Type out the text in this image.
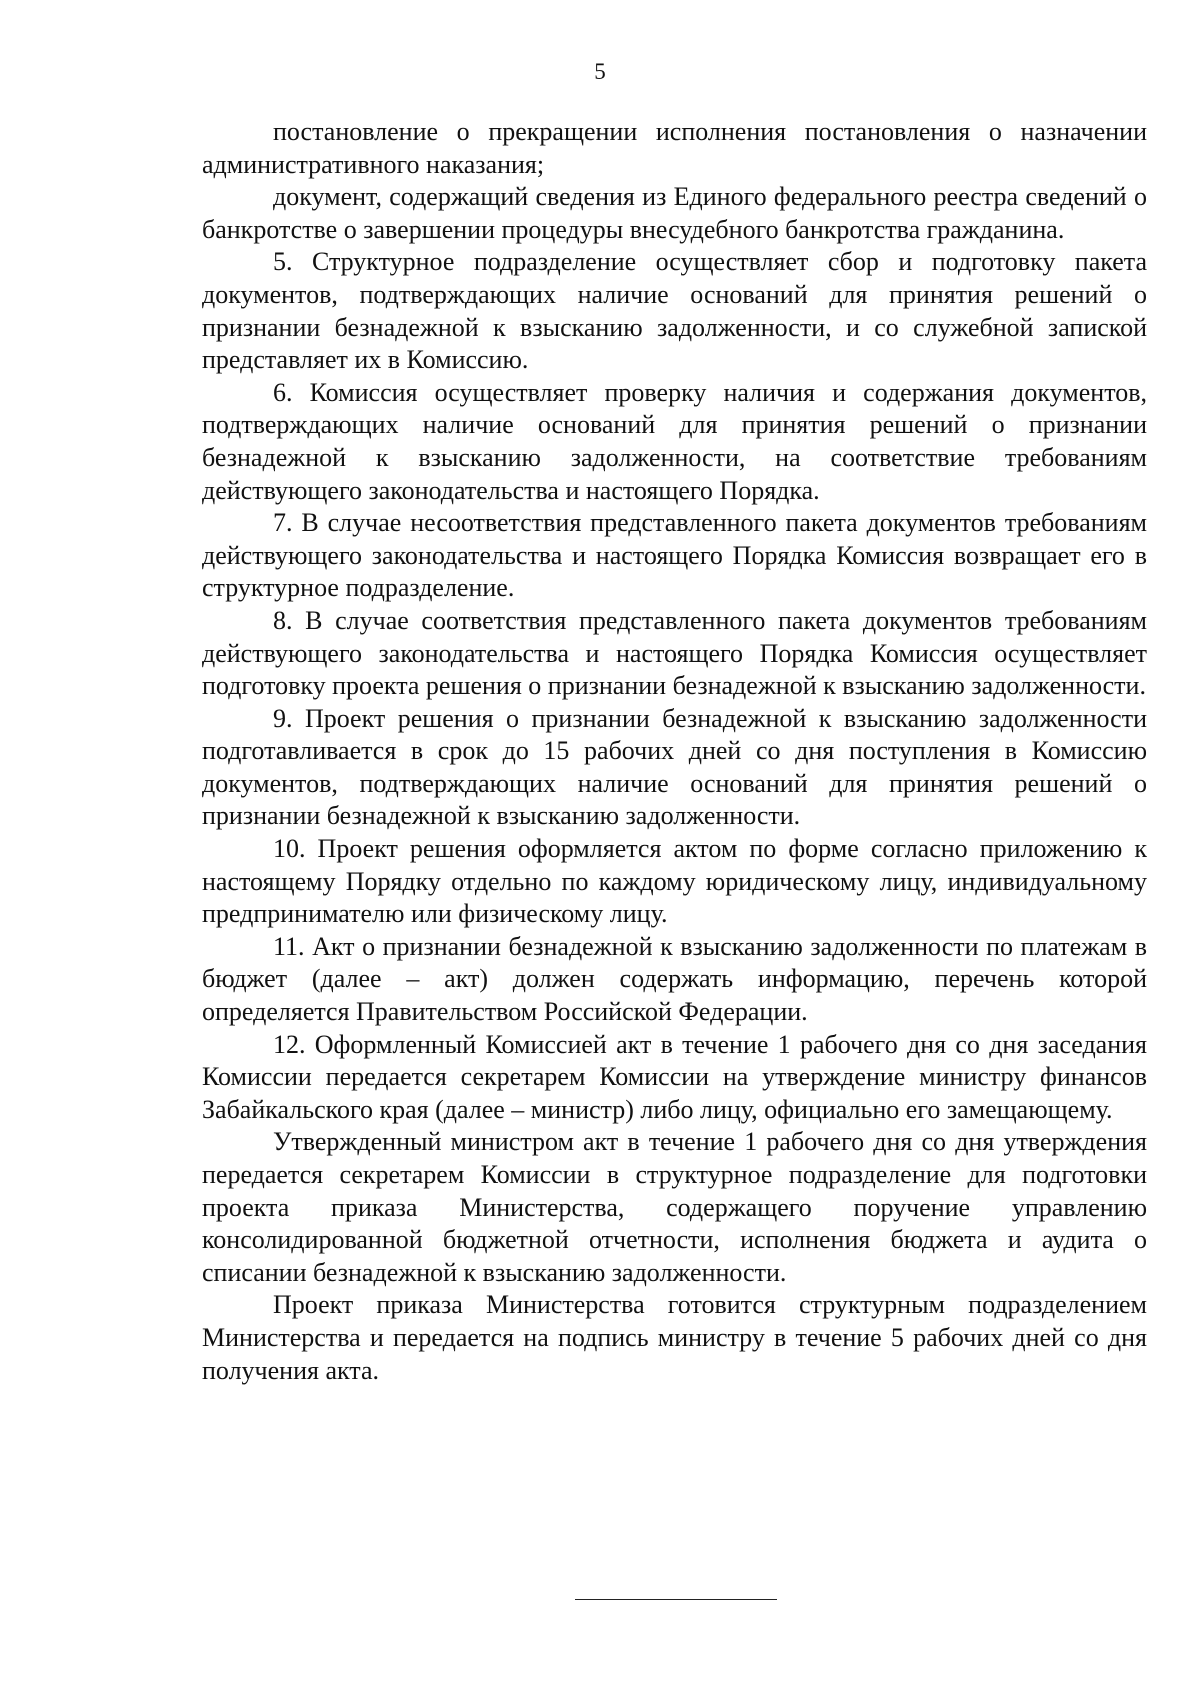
5

постановление о прекращении исполнения постановления о назначении административного наказания;

документ, содержащий сведения из Единого федерального реестра сведений о банкротстве о завершении процедуры внесудебного банкротства гражданина.

5. Структурное подразделение осуществляет сбор и подготовку пакета документов, подтверждающих наличие оснований для принятия решений о признании безнадежной к взысканию задолженности, и со служебной запиской представляет их в Комиссию.

6. Комиссия осуществляет проверку наличия и содержания документов, подтверждающих наличие оснований для принятия решений о признании безнадежной к взысканию задолженности, на соответствие требованиям действующего законодательства и настоящего Порядка.

7. В случае несоответствия представленного пакета документов требованиям действующего законодательства и настоящего Порядка Комиссия возвращает его в структурное подразделение.

8. В случае соответствия представленного пакета документов требованиям действующего законодательства и настоящего Порядка Комиссия осуществляет подготовку проекта решения о признании безнадежной к взысканию задолженности.

9. Проект решения о признании безнадежной к взысканию задолженности подготавливается в срок до 15 рабочих дней со дня поступления в Комиссию документов, подтверждающих наличие оснований для принятия решений о признании безнадежной к взысканию задолженности.

10. Проект решения оформляется актом по форме согласно приложению к настоящему Порядку отдельно по каждому юридическому лицу, индивидуальному предпринимателю или физическому лицу.

11. Акт о признании безнадежной к взысканию задолженности по платежам в бюджет (далее – акт) должен содержать информацию, перечень которой определяется Правительством Российской Федерации.

12. Оформленный Комиссией акт в течение 1 рабочего дня со дня заседания Комиссии передается секретарем Комиссии на утверждение министру финансов Забайкальского края (далее – министр) либо лицу, официально его замещающему.

Утвержденный министром акт в течение 1 рабочего дня со дня утверждения передается секретарем Комиссии в структурное подразделение для подготовки проекта приказа Министерства, содержащего поручение управлению консолидированной бюджетной отчетности, исполнения бюджета и аудита о списании безнадежной к взысканию задолженности.

Проект приказа Министерства готовится структурным подразделением Министерства и передается на подпись министру в течение 5 рабочих дней со дня получения акта.
